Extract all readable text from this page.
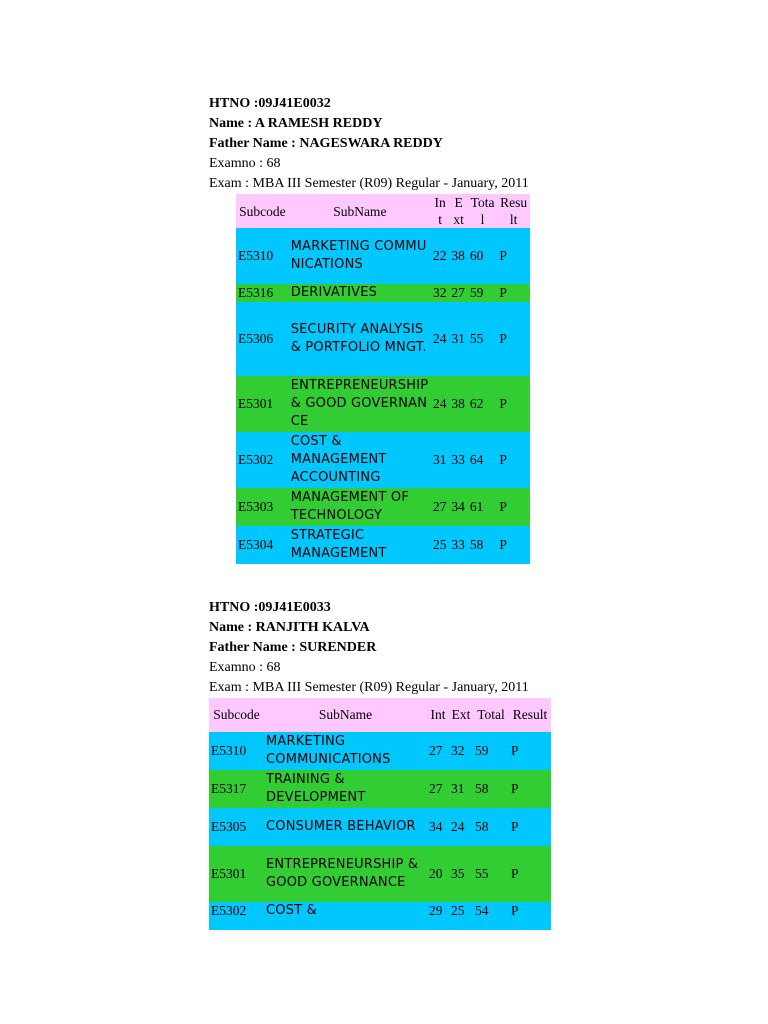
HTNO :09J41E0032
Name : A RAMESH REDDY
Father Name : NAGESWARA REDDY
Examno : 68
Exam : MBA III Semester (R09) Regular - January, 2011
Subcode	SubName	Int	Ext	Total	Result
E5310	MARKETING COMMUNICATIONS	22	38	60	P
E5316	DERIVATIVES	32	27	59	P
E5306	SECURITY ANALYSIS & PORTFOLIO MNGT.	24	31	55	P
E5301	ENTREPRENEURSHIP & GOOD GOVERNANCE	24	38	62	P
E5302	COST & MANAGEMENT ACCOUNTING	31	33	64	P
E5303	MANAGEMENT OF TECHNOLOGY	27	34	61	P
E5304	STRATEGIC MANAGEMENT	25	33	58	P
HTNO :09J41E0033
Name : RANJITH KALVA
Father Name : SURENDER
Examno : 68
Exam : MBA III Semester (R09) Regular - January, 2011
Subcode	SubName	Int	Ext	Total	Result
E5310	MARKETING COMMUNICATIONS	27	32	59	P
E5317	TRAINING & DEVELOPMENT	27	31	58	P
E5305	CONSUMER BEHAVIOR	34	24	58	P
E5301	ENTREPRENEURSHIP & GOOD GOVERNANCE	20	35	55	P
E5302	COST &	29	25	54	P
